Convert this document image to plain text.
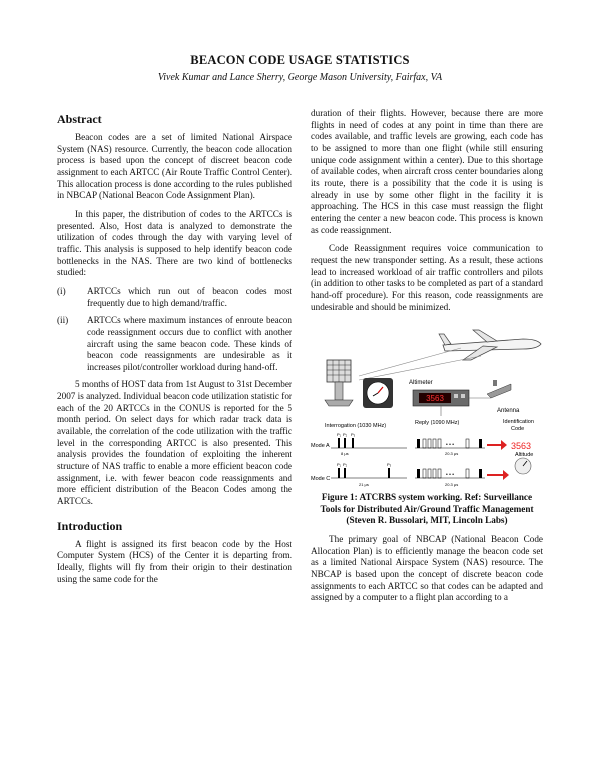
BEACON CODE USAGE STATISTICS
Vivek Kumar and Lance Sherry, George Mason University, Fairfax, VA
Abstract

Beacon codes are a set of limited National Airspace System (NAS) resource. Currently, the beacon code allocation process is based upon the concept of discreet beacon code assignment to each ARTCC (Air Route Traffic Control Center). This allocation process is done according to the rules published in NBCAP (National Beacon Code Assignment Plan).

In this paper, the distribution of codes to the ARTCCs is presented. Also, Host data is analyzed to demonstrate the utilization of codes through the day with varying level of traffic. This analysis is supposed to help identify beacon code bottlenecks in the NAS. There are two kind of bottlenecks studied:

(i)	ARTCCs which run out of beacon codes most frequently due to high demand/traffic.
(ii)	ARTCCs where maximum instances of enroute beacon code reassignment occurs due to conflict with another aircraft using the same beacon code. These kinds of beacon code reassignments are undesirable as it increases pilot/controller workload during hand-off.

5 months of HOST data from 1st August to 31st December 2007 is analyzed. Individual beacon code utilization statistic for each of the 20 ARTCCs in the CONUS is reported for the 5 month period. On select days for which radar track data is available, the correlation of the code utilization with the traffic level in the corresponding ARTCC is also presented. This analysis provides the foundation of exploiting the inherent structure of NAS traffic to enable a more efficient beacon code assignment, i.e. with fewer beacon code reassignments and more efficient distribution of the Beacon Codes among the ARTCCs.

Introduction

A flight is assigned its first beacon code by the Host Computer System (HCS) of the Center it is departing from. Ideally, flights will fly from their origin to their destination using the same code for the

duration of their flights. However, because there are more flights in need of codes at any point in time than there are codes available, and traffic levels are growing, each code has to be assigned to more than one flight (while still ensuring unique code assignment within a center). Due to this shortage of available codes, when aircraft cross center boundaries along its route, there is a possibility that the code it is using is already in use by some other flight in the facility it is approaching. The HCS in this case must reassign the flight entering the center a new beacon code. This process is known as code reassignment.

Code Reassignment requires voice communication to request the new transponder setting. As a result, these actions lead to increased workload of air traffic controllers and pilots (in addition to other tasks to be completed as part of a standard hand-off procedure). For this reason, code reassignments are undesirable and should be minimized.

Altimeter
3563
Antenna
Identification
Code
Interrogation (1030 MHz)	Reply (1090 MHz)
Mode A
P₁ P₂ P₃
8 μs
• • •
20.3 μs
3563
Altitude
Mode C
P₁ P₂	P₃
21 μs
• • •
20.3 μs

Figure 1: ATCRBS system working. Ref: Surveillance Tools for Distributed Air/Ground Traffic Management (Steven R. Bussolari, MIT, Lincoln Labs)

The primary goal of NBCAP (National Beacon Code Allocation Plan) is to efficiently manage the beacon code set as a limited National Airspace System (NAS) resource. The NBCAP is based upon the concept of discrete beacon code assignments to each ARTCC so that codes can be adapted and assigned by a computer to a flight plan according to a
